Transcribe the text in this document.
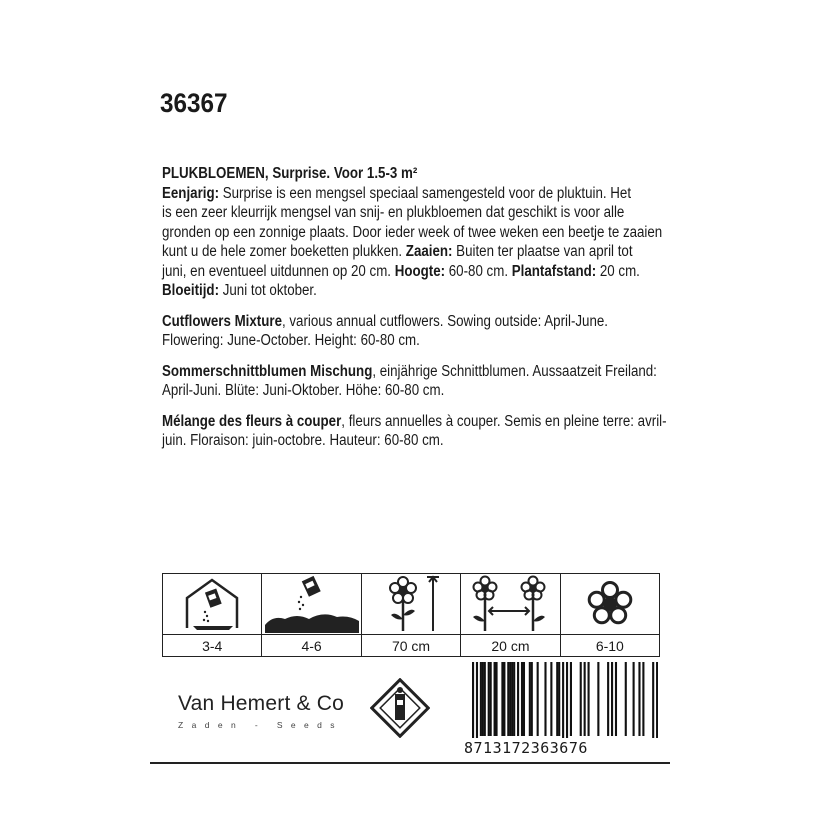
36367

PLUKBLOEMEN, Surprise. Voor 1.5-3 m²
Eenjarig: Surprise is een mengsel speciaal samengesteld voor de pluktuin. Het
is een zeer kleurrijk mengsel van snij- en plukbloemen dat geschikt is voor alle
gronden op een zonnige plaats. Door ieder week of twee weken een beetje te zaaien
kunt u de hele zomer boeketten plukken. Zaaien: Buiten ter plaatse van april tot
juni, en eventueel uitdunnen op 20 cm. Hoogte: 60-80 cm. Plantafstand: 20 cm.
Bloeitijd: Juni tot oktober.

Cutflowers Mixture, various annual cutflowers. Sowing outside: April-June.
Flowering: June-October. Height: 60-80 cm.

Sommerschnittblumen Mischung, einjährige Schnittblumen. Aussaatzeit Freiland:
April-Juni. Blüte: Juni-Oktober. Höhe: 60-80 cm.

Mélange des fleurs à couper, fleurs annuelles à couper. Semis en pleine terre: avril-
juin. Floraison: juin-octobre. Hauteur: 60-80 cm.

3-4	4-6	70 cm	20 cm	6-10
Van Hemert & Co
Zaden - Seeds
8713172363676
